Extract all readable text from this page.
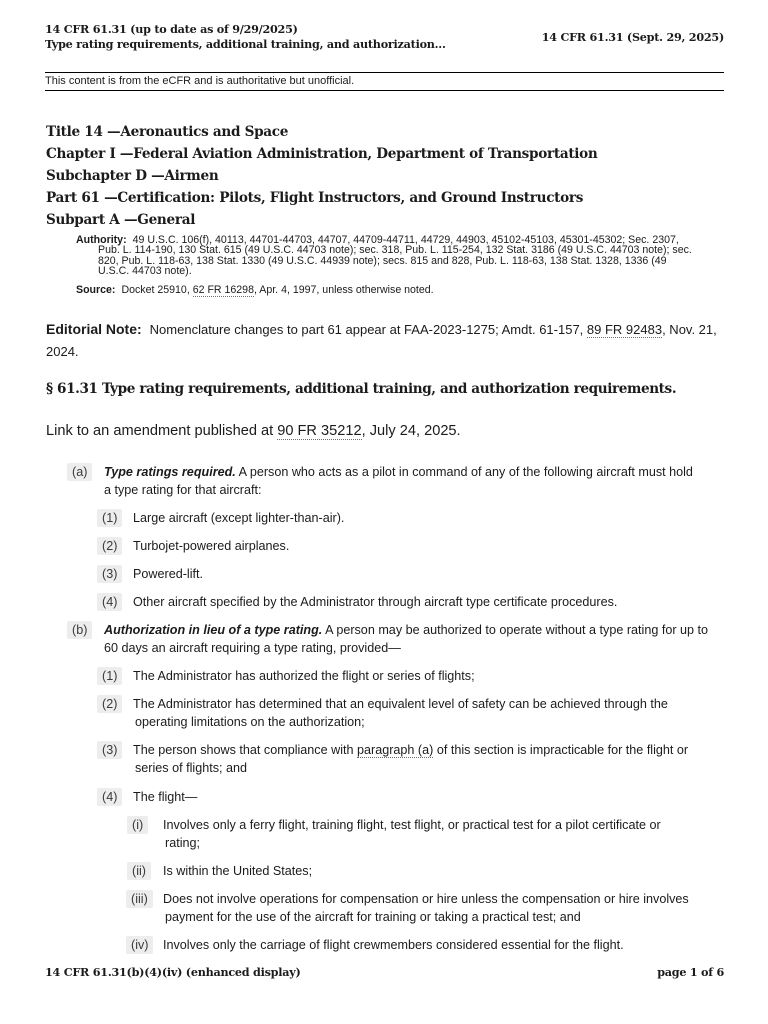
14 CFR 61.31 (up to date as of 9/29/2025)
Type rating requirements, additional training, and authorization...	14 CFR 61.31 (Sept. 29, 2025)
This content is from the eCFR and is authoritative but unofficial.
Title 14 —Aeronautics and Space
Chapter I —Federal Aviation Administration, Department of Transportation
Subchapter D —Airmen
Part 61 —Certification: Pilots, Flight Instructors, and Ground Instructors
Subpart A —General
Authority: 49 U.S.C. 106(f), 40113, 44701-44703, 44707, 44709-44711, 44729, 44903, 45102-45103, 45301-45302; Sec. 2307,
Pub. L. 114-190, 130 Stat. 615 (49 U.S.C. 44703 note); sec. 318, Pub. L. 115-254, 132 Stat. 3186 (49 U.S.C. 44703 note); sec.
820, Pub. L. 118-63, 138 Stat. 1330 (49 U.S.C. 44939 note); secs. 815 and 828, Pub. L. 118-63, 138 Stat. 1328, 1336 (49
U.S.C. 44703 note).
Source: Docket 25910, 62 FR 16298, Apr. 4, 1997, unless otherwise noted.
Editorial Note: Nomenclature changes to part 61 appear at FAA-2023-1275; Amdt. 61-157, 89 FR 92483, Nov. 21, 2024.
§ 61.31 Type rating requirements, additional training, and authorization requirements.
Link to an amendment published at 90 FR 35212, July 24, 2025.
(a)	Type ratings required. A person who acts as a pilot in command of any of the following aircraft must hold
a type rating for that aircraft:
(1)	Large aircraft (except lighter-than-air).
(2)	Turbojet-powered airplanes.
(3)	Powered-lift.
(4)	Other aircraft specified by the Administrator through aircraft type certificate procedures.
(b)	Authorization in lieu of a type rating. A person may be authorized to operate without a type rating for up to
60 days an aircraft requiring a type rating, provided—
(1)	The Administrator has authorized the flight or series of flights;
(2)	The Administrator has determined that an equivalent level of safety can be achieved through the
operating limitations on the authorization;
(3)	The person shows that compliance with paragraph (a) of this section is impracticable for the flight or
series of flights; and
(4)	The flight—
(i)	Involves only a ferry flight, training flight, test flight, or practical test for a pilot certificate or
rating;
(ii)	Is within the United States;
(iii)	Does not involve operations for compensation or hire unless the compensation or hire involves
payment for the use of the aircraft for training or taking a practical test; and
(iv)	Involves only the carriage of flight crewmembers considered essential for the flight.
14 CFR 61.31(b)(4)(iv) (enhanced display)	page 1 of 6
